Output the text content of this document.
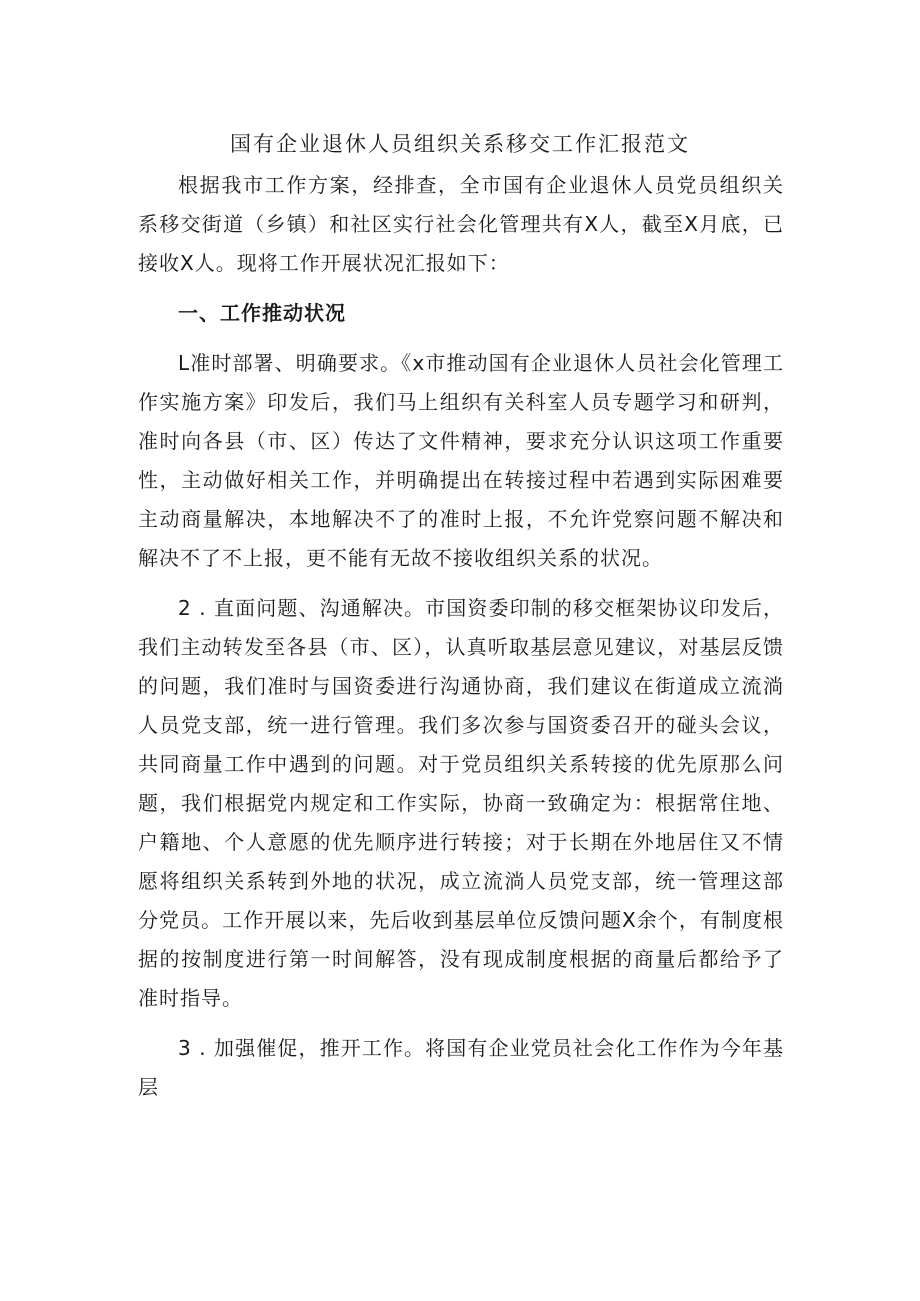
国有企业退休人员组织关系移交工作汇报范文

根据我市工作方案，经排查，全市国有企业退休人员党员组织关系移交街道（乡镇）和社区实行社会化管理共有X人，截至X月底，已接收X人。现将工作开展状况汇报如下：

一、工作推动状况

L准时部署、明确要求。《x市推动国有企业退休人员社会化管理工作实施方案》印发后，我们马上组织有关科室人员专题学习和研判，准时向各县（市、区）传达了文件精神，要求充分认识这项工作重要性，主动做好相关工作，并明确提出在转接过程中若遇到实际困难要主动商量解决，本地解决不了的准时上报，不允许党察问题不解决和解决不了不上报，更不能有无故不接收组织关系的状况。

2 . 直面问题、沟通解决。市国资委印制的移交框架协议印发后，我们主动转发至各县（市、区），认真听取基层意见建议，对基层反馈的问题，我们准时与国资委进行沟通协商，我们建议在街道成立流淌人员党支部，统一进行管理。我们多次参与国资委召开的碰头会议，共同商量工作中遇到的问题。对于党员组织关系转接的优先原那么问题，我们根据党内规定和工作实际，协商一致确定为：根据常住地、户籍地、个人意愿的优先顺序进行转接；对于长期在外地居住又不情愿将组织关系转到外地的状况，成立流淌人员党支部，统一管理这部分党员。工作开展以来，先后收到基层单位反馈问题X余个，有制度根据的按制度进行第一时间解答，没有现成制度根据的商量后都给予了准时指导。

3 . 加强催促，推开工作。将国有企业党员社会化工作作为今年基层
